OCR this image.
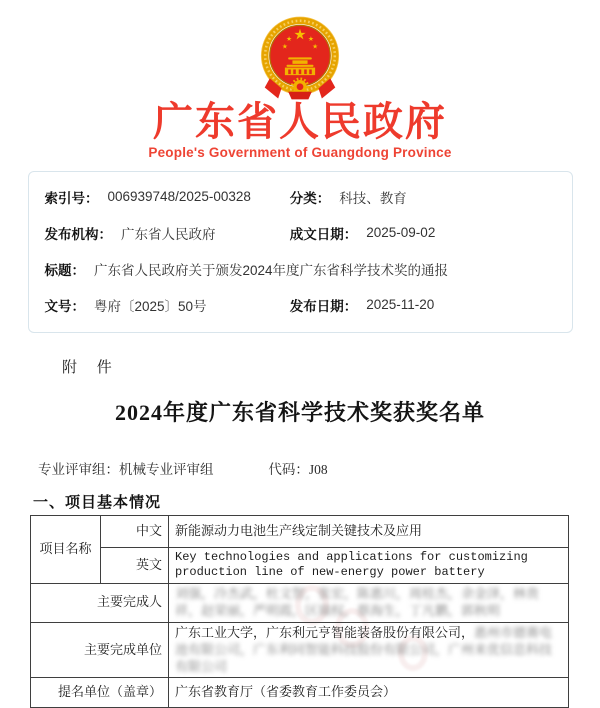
广东省人民政府
People's Government of Guangdong Province
索引号： 006939748/2025-00328	分类： 科技、教育
发布机构： 广东省人民政府	成文日期： 2025-09-02
标题： 广东省人民政府关于颁发2024年度广东省科学技术奖的通报
文号： 粤府〔2025〕50号	发布日期： 2025-11-20
附 件
2024年度广东省科学技术奖获奖名单
专业评审组：机械专业评审组	代码：J08
一、项目基本情况
项目名称	中文	新能源动力电池生产线定制关键技术及应用
	英文	Key technologies and applications for customizing production line of new-energy power battery
主要完成人		刘强，冷杰武，杜文智，张宏，陈惠川，周桂杰，余金泽，林贵祥，赵荣丽，严明霞，区瑞权，蔡海生，丁凡鹏，郭秋明
主要完成单位		广东工业大学，广东利元亨智能装备股份有限公司，惠州市德赛电池有限公司，广东利同智能科技股份有限公司，广州来优信息科技有限公司
提名单位（盖章）		广东省教育厅（省委教育工作委员会）
